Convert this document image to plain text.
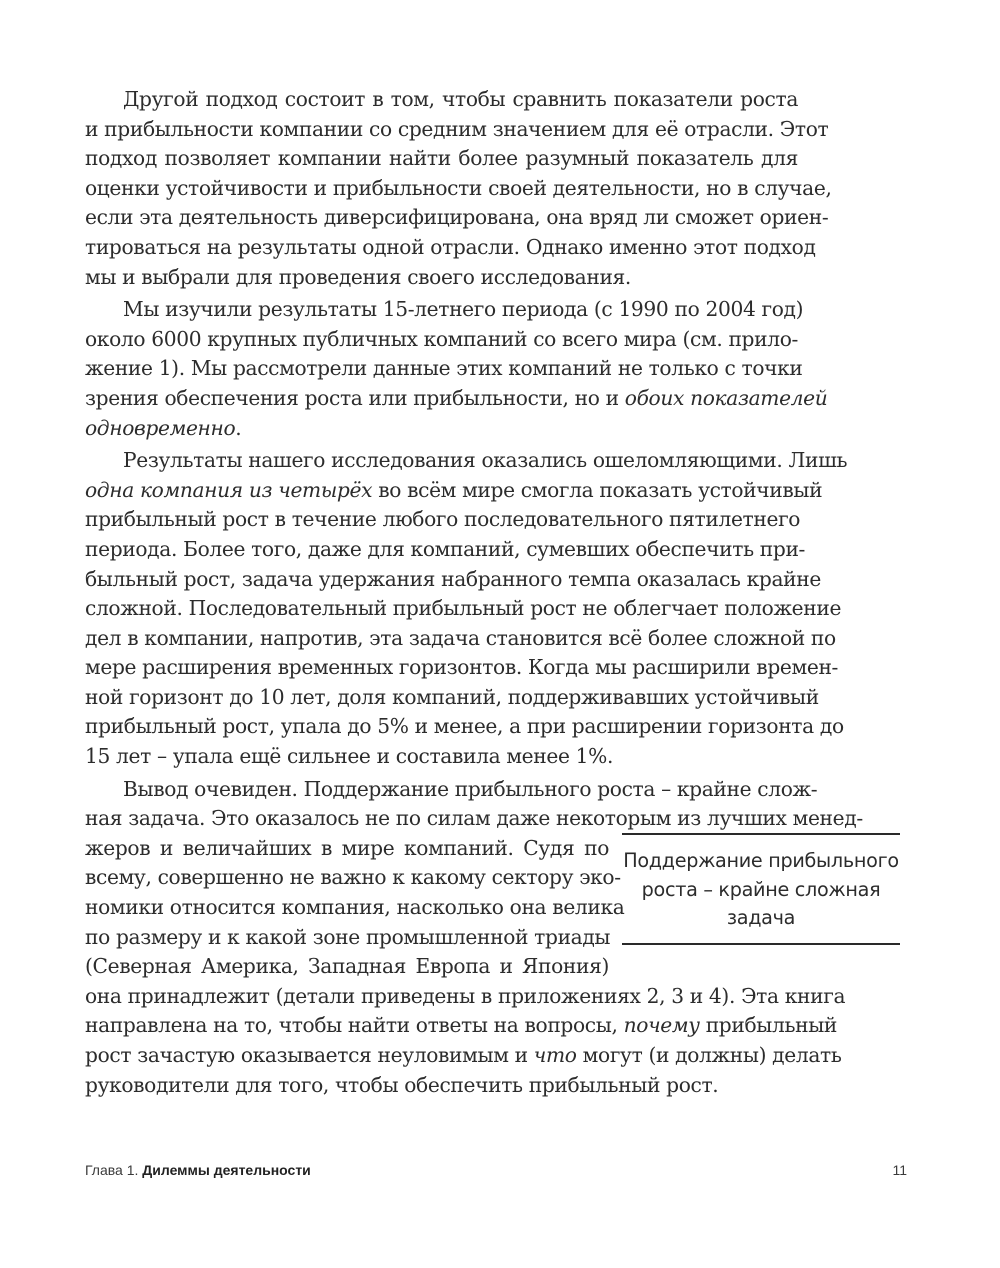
Другой подход состоит в том, чтобы сравнить показатели роста
и прибыльности компании со средним значением для её отрасли. Этот
подход позволяет компании найти более разумный показатель для
оценки устойчивости и прибыльности своей деятельности, но в случае,
если эта деятельность диверсифицирована, она вряд ли сможет ориен-
тироваться на результаты одной отрасли. Однако именно этот подход
мы и выбрали для проведения своего исследования.
Мы изучили результаты 15-летнего периода (с 1990 по 2004 год)
около 6000 крупных публичных компаний со всего мира (см. прило-
жение 1). Мы рассмотрели данные этих компаний не только с точки
зрения обеспечения роста или прибыльности, но и обоих показателей
одновременно.
Результаты нашего исследования оказались ошеломляющими. Лишь
одна компания из четырёх во всём мире смогла показать устойчивый
прибыльный рост в течение любого последовательного пятилетнего
периода. Более того, даже для компаний, сумевших обеспечить при-
быльный рост, задача удержания набранного темпа оказалась крайне
сложной. Последовательный прибыльный рост не облегчает положение
дел в компании, напротив, эта задача становится всё более сложной по
мере расширения временных горизонтов. Когда мы расширили времен-
ной горизонт до 10 лет, доля компаний, поддерживавших устойчивый
прибыльный рост, упала до 5% и менее, а при расширении горизонта до
15 лет – упала ещё сильнее и составила менее 1%.
Вывод очевиден. Поддержание прибыльного роста – крайне слож-
ная задача. Это оказалось не по силам даже некоторым из лучших менед-
жеров и величайших в мире компаний. Судя по
всему, совершенно не важно к какому сектору эко-
номики относится компания, насколько она велика
по размеру и к какой зоне промышленной триады
(Северная Америка, Западная Европа и Япония)
она принадлежит (детали приведены в приложениях 2, 3 и 4). Эта книга
направлена на то, чтобы найти ответы на вопросы, почему прибыльный
рост зачастую оказывается неуловимым и что могут (и должны) делать
руководители для того, чтобы обеспечить прибыльный рост.
Поддержание прибыльного
роста – крайне сложная
задача
Глава 1. Дилеммы деятельности	11
